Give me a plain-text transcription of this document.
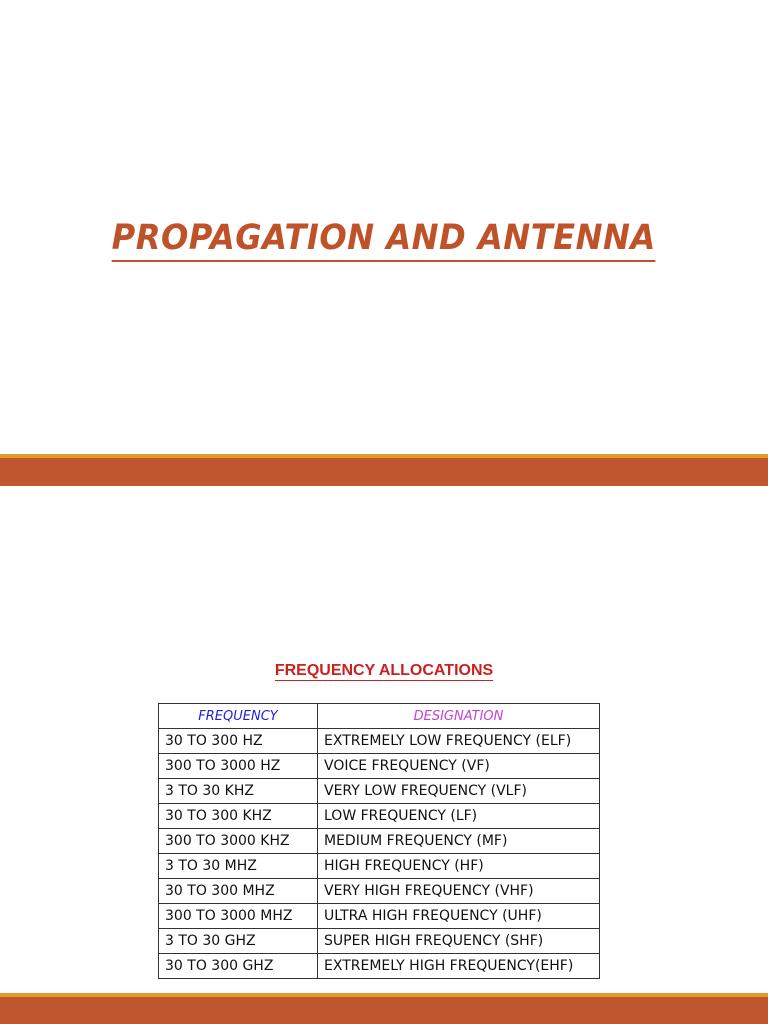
PROPAGATION AND ANTENNA
FREQUENCY ALLOCATIONS
FREQUENCY	DESIGNATION
30 TO 300 HZ	EXTREMELY LOW FREQUENCY (ELF)
300 TO 3000 HZ	VOICE FREQUENCY (VF)
3 TO 30 KHZ	VERY LOW FREQUENCY (VLF)
30 TO 300 KHZ	LOW FREQUENCY (LF)
300 TO 3000 KHZ	MEDIUM FREQUENCY (MF)
3 TO 30 MHZ	HIGH FREQUENCY (HF)
30 TO 300 MHZ	VERY HIGH FREQUENCY (VHF)
300 TO 3000 MHZ	ULTRA HIGH FREQUENCY (UHF)
3 TO 30 GHZ	SUPER HIGH FREQUENCY (SHF)
30 TO 300 GHZ	EXTREMELY HIGH FREQUENCY(EHF)
